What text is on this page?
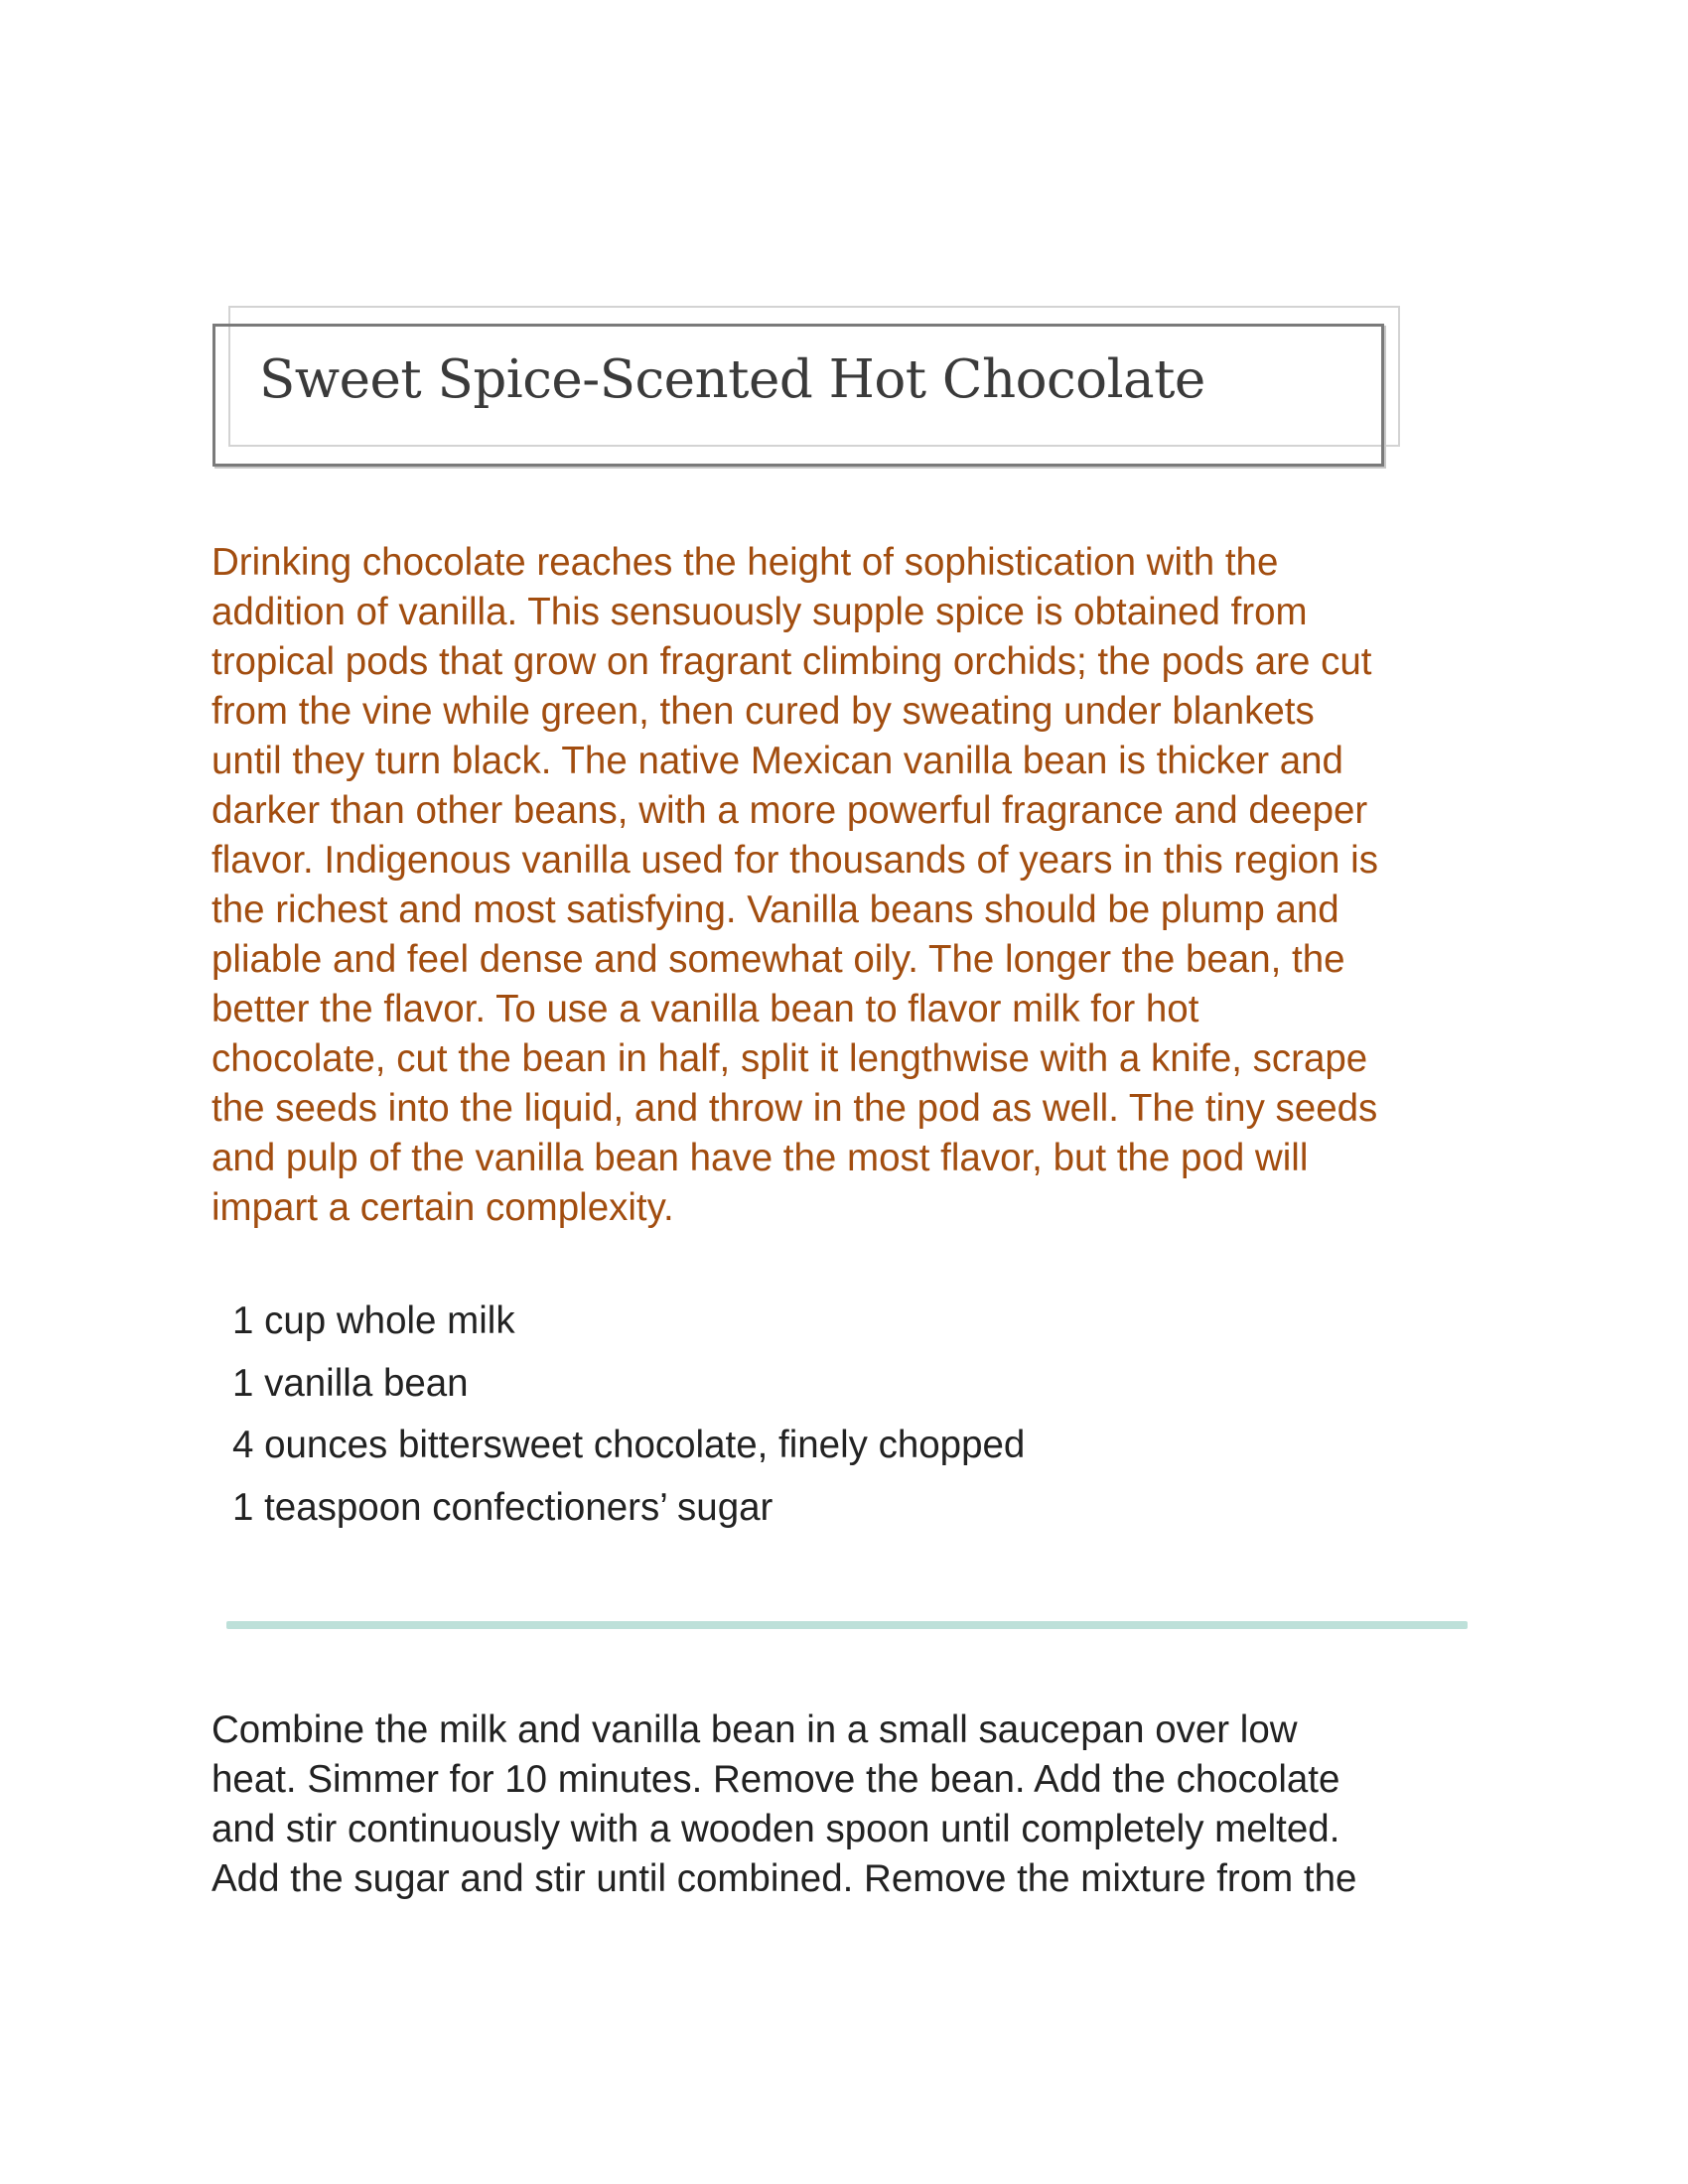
Sweet Spice-Scented Hot Chocolate

Drinking chocolate reaches the height of sophistication with the
addition of vanilla. This sensuously supple spice is obtained from
tropical pods that grow on fragrant climbing orchids; the pods are cut
from the vine while green, then cured by sweating under blankets
until they turn black. The native Mexican vanilla bean is thicker and
darker than other beans, with a more powerful fragrance and deeper
flavor. Indigenous vanilla used for thousands of years in this region is
the richest and most satisfying. Vanilla beans should be plump and
pliable and feel dense and somewhat oily. The longer the bean, the
better the flavor. To use a vanilla bean to flavor milk for hot
chocolate, cut the bean in half, split it lengthwise with a knife, scrape
the seeds into the liquid, and throw in the pod as well. The tiny seeds
and pulp of the vanilla bean have the most flavor, but the pod will
impart a certain complexity.

1 cup whole milk
1 vanilla bean
4 ounces bittersweet chocolate, finely chopped
1 teaspoon confectioners’ sugar

Combine the milk and vanilla bean in a small saucepan over low
heat. Simmer for 10 minutes. Remove the bean. Add the chocolate
and stir continuously with a wooden spoon until completely melted.
Add the sugar and stir until combined. Remove the mixture from the
